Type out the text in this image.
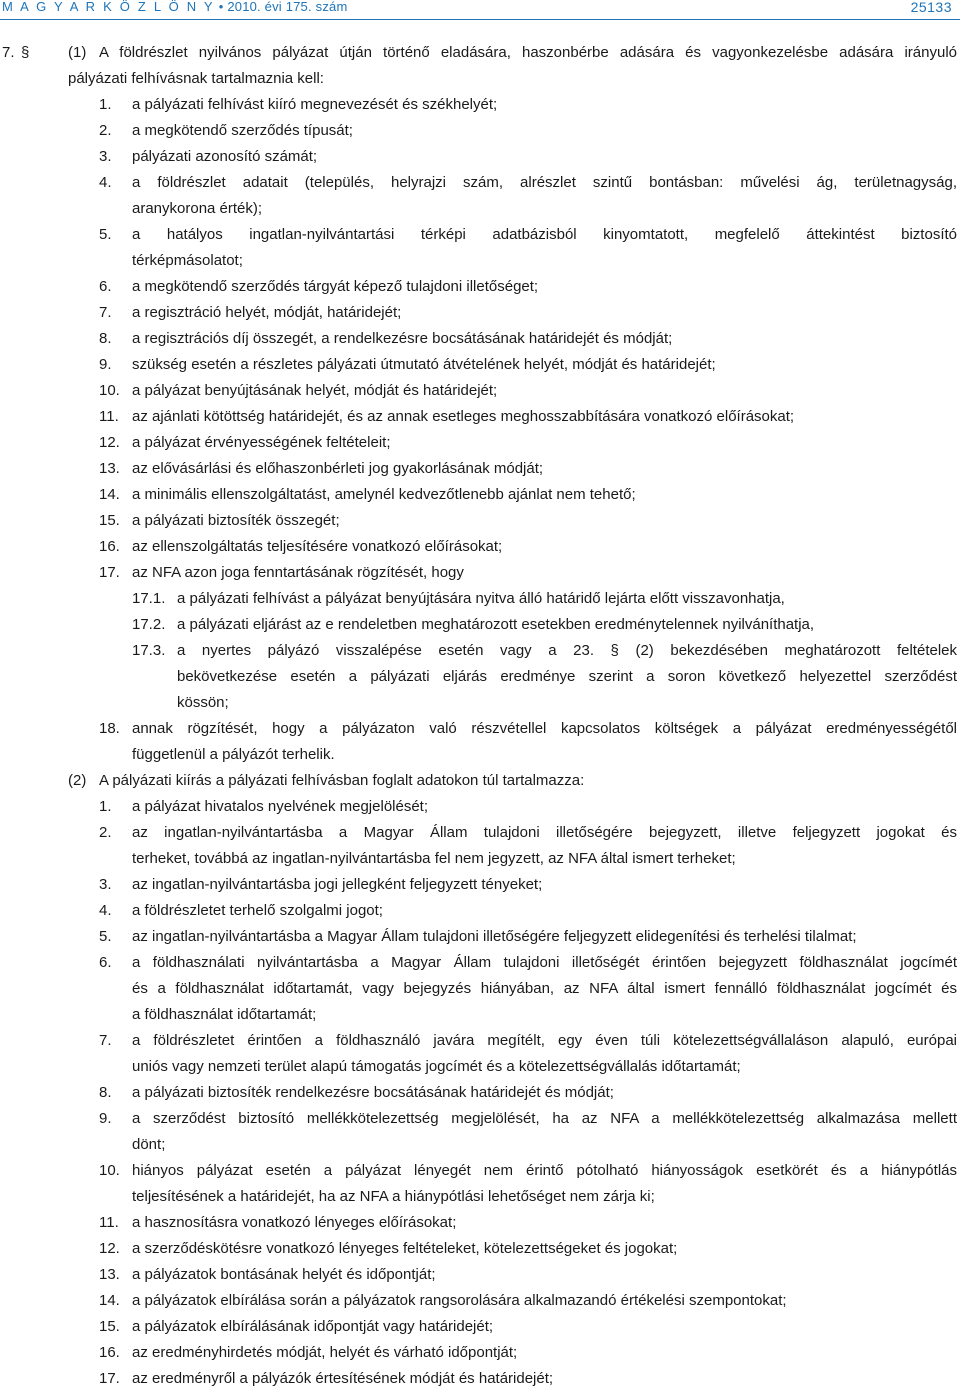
M A G Y A R K Ö Z L Ö N Y • 2010. évi 175. szám	25133
7. §	(1) A földrészlet nyilvános pályázat útján történő eladására, haszonbérbe adására és vagyonkezelésbe adására irányuló
pályázati felhívásnak tartalmaznia kell:
1. a pályázati felhívást kiíró megnevezését és székhelyét;
2. a megkötendő szerződés típusát;
3. pályázati azonosító számát;
4. a földrészlet adatait (település, helyrajzi szám, alrészlet szintű bontásban: művelési ág, területnagyság,
aranykorona érték);
5. a hatályos ingatlan-nyilvántartási térképi adatbázisból kinyomtatott, megfelelő áttekintést biztosító
térképmásolatot;
6. a megkötendő szerződés tárgyát képező tulajdoni illetőséget;
7. a regisztráció helyét, módját, határidejét;
8. a regisztrációs díj összegét, a rendelkezésre bocsátásának határidejét és módját;
9. szükség esetén a részletes pályázati útmutató átvételének helyét, módját és határidejét;
10. a pályázat benyújtásának helyét, módját és határidejét;
11. az ajánlati kötöttség határidejét, és az annak esetleges meghosszabbítására vonatkozó előírásokat;
12. a pályázat érvényességének feltételeit;
13. az elővásárlási és előhaszonbérleti jog gyakorlásának módját;
14. a minimális ellenszolgáltatást, amelynél kedvezőtlenebb ajánlat nem tehető;
15. a pályázati biztosíték összegét;
16. az ellenszolgáltatás teljesítésére vonatkozó előírásokat;
17. az NFA azon joga fenntartásának rögzítését, hogy
17.1. a pályázati felhívást a pályázat benyújtására nyitva álló határidő lejárta előtt visszavonhatja,
17.2. a pályázati eljárást az e rendeletben meghatározott esetekben eredménytelennek nyilváníthatja,
17.3. a nyertes pályázó visszalépése esetén vagy a 23. § (2) bekezdésében meghatározott feltételek
bekövetkezése esetén a pályázati eljárás eredménye szerint a soron következő helyezettel szerződést
kössön;
18. annak rögzítését, hogy a pályázaton való részvétellel kapcsolatos költségek a pályázat eredményességétől
függetlenül a pályázót terhelik.
(2) A pályázati kiírás a pályázati felhívásban foglalt adatokon túl tartalmazza:
1. a pályázat hivatalos nyelvének megjelölését;
2. az ingatlan-nyilvántartásba a Magyar Állam tulajdoni illetőségére bejegyzett, illetve feljegyzett jogokat és
terheket, továbbá az ingatlan-nyilvántartásba fel nem jegyzett, az NFA által ismert terheket;
3. az ingatlan-nyilvántartásba jogi jellegként feljegyzett tényeket;
4. a földrészletet terhelő szolgalmi jogot;
5. az ingatlan-nyilvántartásba a Magyar Állam tulajdoni illetőségére feljegyzett elidegenítési és terhelési tilalmat;
6. a földhasználati nyilvántartásba a Magyar Állam tulajdoni illetőségét érintően bejegyzett földhasználat jogcímét
és a földhasználat időtartamát, vagy bejegyzés hiányában, az NFA által ismert fennálló földhasználat jogcímét és
a földhasználat időtartamát;
7. a földrészletet érintően a földhasználó javára megítélt, egy éven túli kötelezettségvállaláson alapuló, európai
uniós vagy nemzeti terület alapú támogatás jogcímét és a kötelezettségvállalás időtartamát;
8. a pályázati biztosíték rendelkezésre bocsátásának határidejét és módját;
9. a szerződést biztosító mellékkötelezettség megjelölését, ha az NFA a mellékkötelezettség alkalmazása mellett
dönt;
10. hiányos pályázat esetén a pályázat lényegét nem érintő pótolható hiányosságok esetkörét és a hiánypótlás
teljesítésének a határidejét, ha az NFA a hiánypótlási lehetőséget nem zárja ki;
11. a hasznosításra vonatkozó lényeges előírásokat;
12. a szerződéskötésre vonatkozó lényeges feltételeket, kötelezettségeket és jogokat;
13. a pályázatok bontásának helyét és időpontját;
14. a pályázatok elbírálása során a pályázatok rangsorolására alkalmazandó értékelési szempontokat;
15. a pályázatok elbírálásának időpontját vagy határidejét;
16. az eredményhirdetés módját, helyét és várható időpontját;
17. az eredményről a pályázók értesítésének módját és határidejét;
